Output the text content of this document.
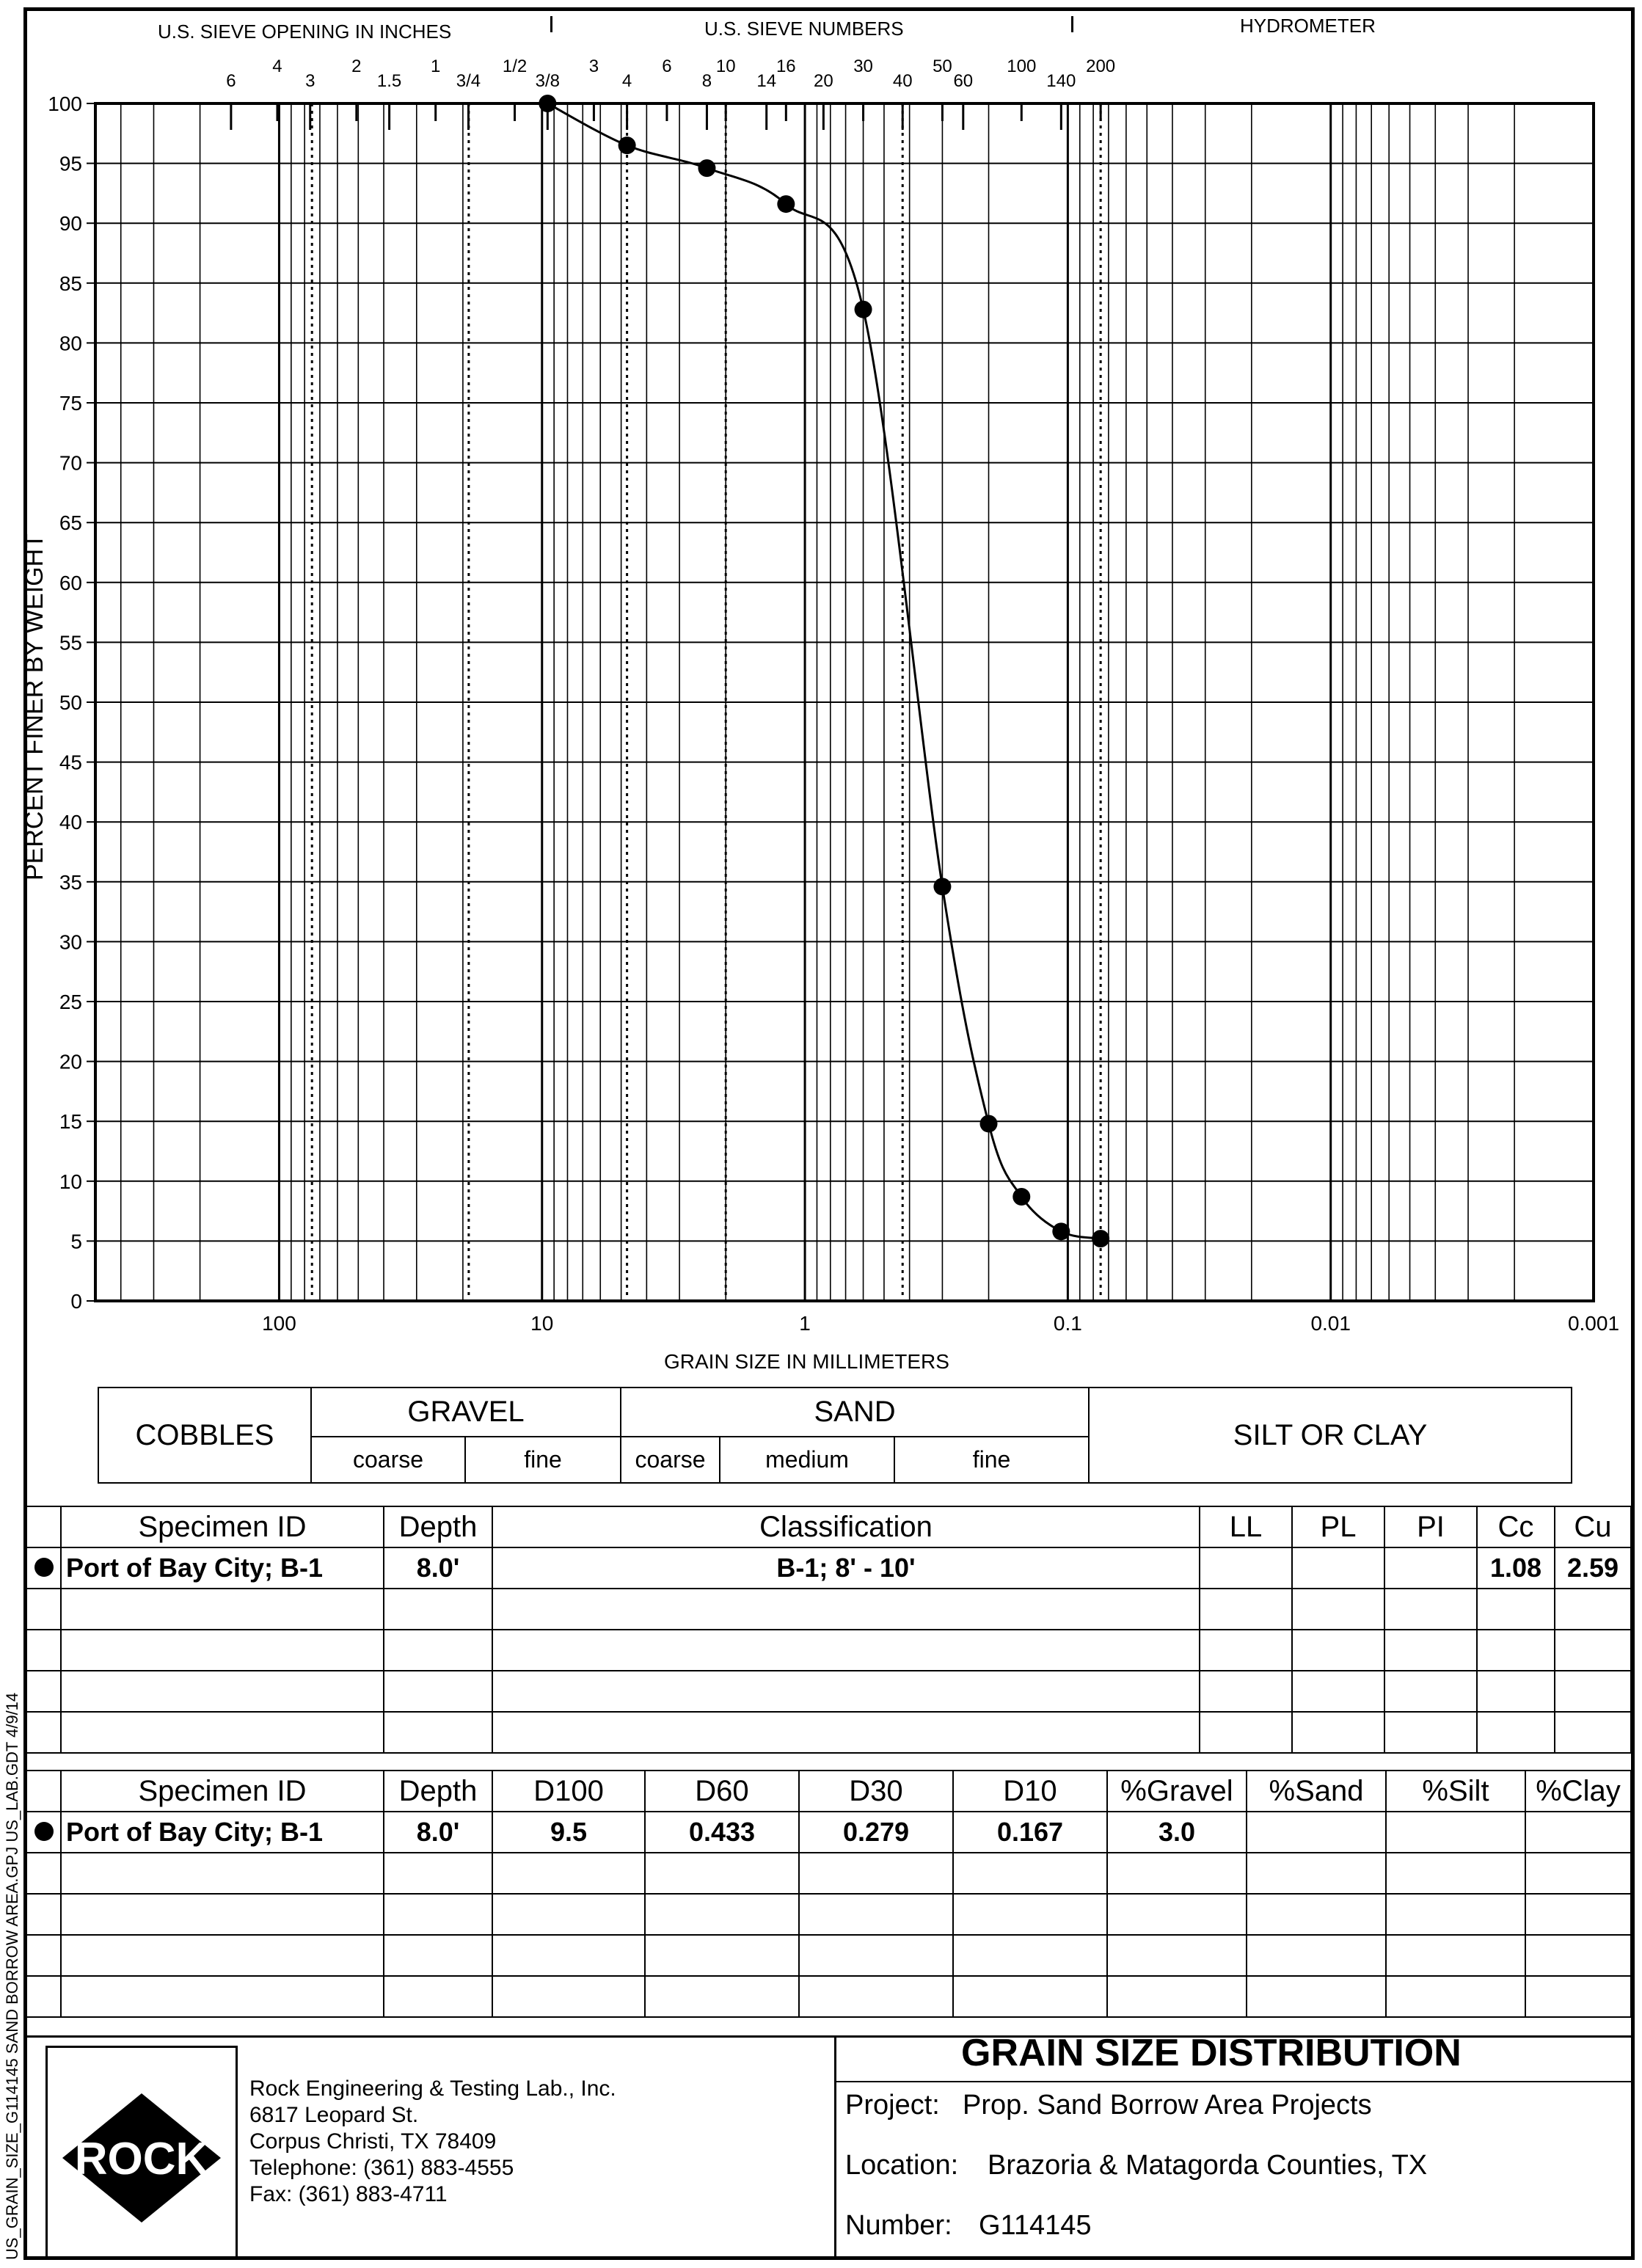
U.S. SIEVE OPENING IN INCHES	U.S. SIEVE NUMBERS	HYDROMETER
6
4
3
2
1.5
1
3/4
1/2
3/8
3
4
6
8
10
14
16
20
30
40
50
60
100
140
200
0
5
10
15
20
25
30
35
40
45
50
55
60
65
70
75
80
85
90
95
100
100	10	1	0.1	0.01	0.001
PERCENT FINER BY WEIGHT
GRAIN SIZE IN MILLIMETERS
COBBLES	GRAVEL		SAND			SILT OR CLAY
	coarse	fine	coarse	medium	fine	
	Specimen ID	Depth	Classification	LL	PL	PI	Cc	Cu
	Port of Bay City; B-1	8.0'	B-1; 8' - 10'				1.08	2.59

	Specimen ID	Depth	D100	D60	D30	D10	%Gravel	%Sand	%Silt	%Clay
	Port of Bay City; B-1	8.0'	9.5	0.433	0.279	0.167	3.0			

ROCK
Rock Engineering & Testing Lab., Inc.
6817 Leopard St.
Corpus Christi, TX 78409
Telephone: (361) 883-4555
Fax: (361) 883-4711
GRAIN SIZE DISTRIBUTION
Project: Prop. Sand Borrow Area Projects
Location: Brazoria & Matagorda Counties, TX
Number: G114145
US_GRAIN_SIZE_G114145 SAND BORROW AREA.GPJ US_LAB.GDT 4/9/14
